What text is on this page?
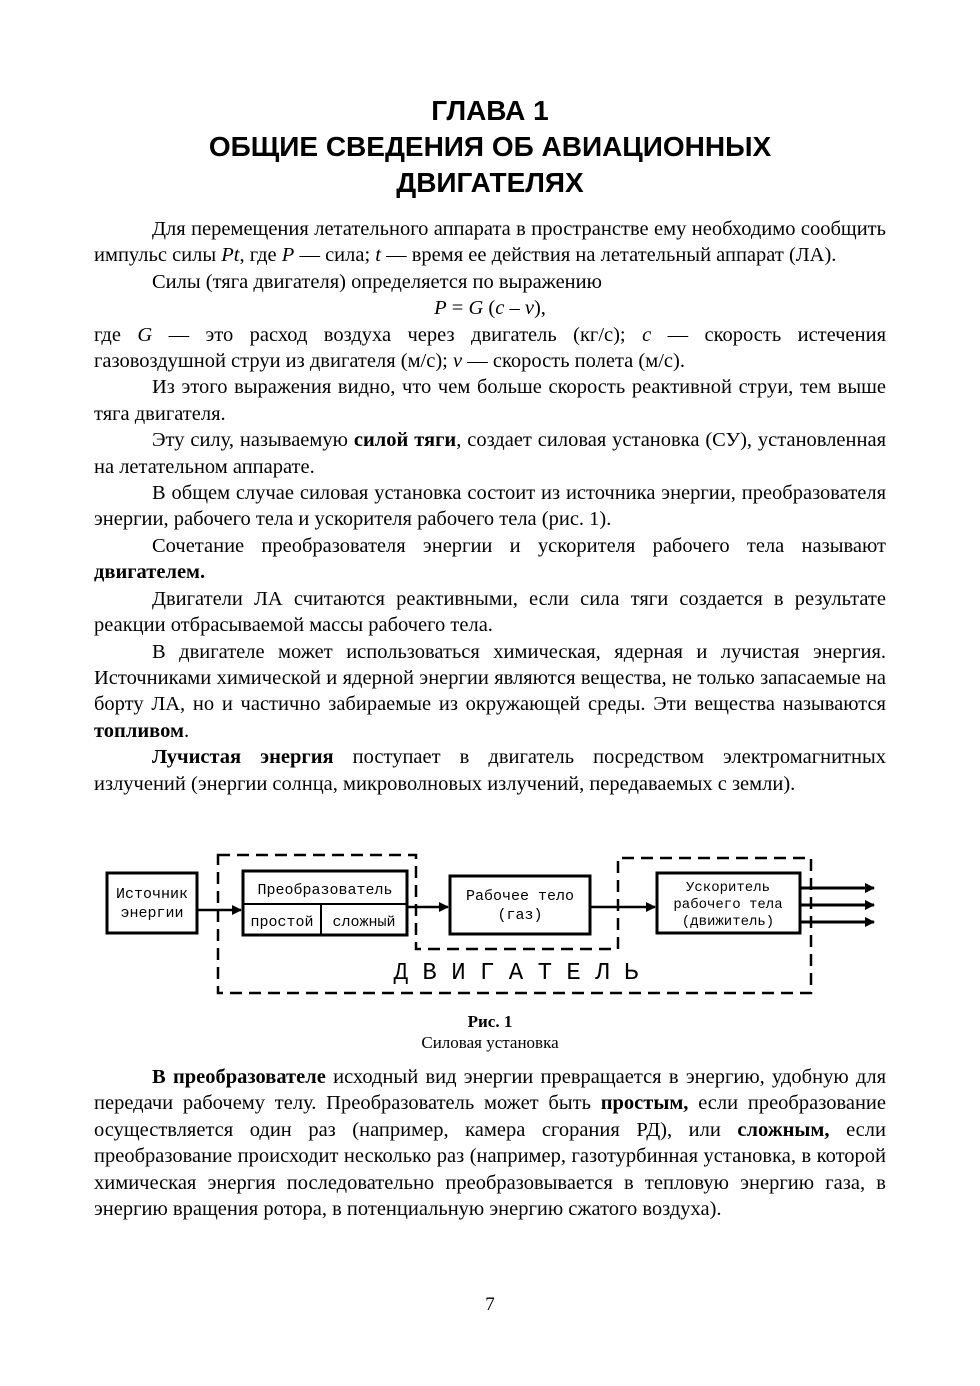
ГЛАВА 1
ОБЩИЕ СВЕДЕНИЯ ОБ АВИАЦИОННЫХ
ДВИГАТЕЛЯХ

Для перемещения летательного аппарата в пространстве ему необходимо сообщить импульс силы Pt, где P — сила; t — время ее действия на летательный аппарат (ЛА).

Силы (тяга двигателя) определяется по выражению

P = G (c – v),

где G — это расход воздуха через двигатель (кг/с); c — скорость истечения газовоздушной струи из двигателя (м/с); v — скорость полета (м/с).

Из этого выражения видно, что чем больше скорость реактивной струи, тем выше тяга двигателя.

Эту силу, называемую силой тяги, создает силовая установка (СУ), установленная на летательном аппарате.

В общем случае силовая установка состоит из источника энергии, преобразователя энергии, рабочего тела и ускорителя рабочего тела (рис. 1).

Сочетание преобразователя энергии и ускорителя рабочего тела называют двигателем.

Двигатели ЛА считаются реактивными, если сила тяги создается в результате реакции отбрасываемой массы рабочего тела.

В двигателе может использоваться химическая, ядерная и лучистая энергия. Источниками химической и ядерной энергии являются вещества, не только запасаемые на борту ЛА, но и частично забираемые из окружающей среды. Эти вещества называются топливом.

Лучистая энергия поступает в двигатель посредством электромагнитных излучений (энергии солнца, микроволновых излучений, передаваемых с земли).

Источник
энергии
Преобразователь
простой сложный
Рабочее тело
(газ)
Ускоритель
рабочего тела
(движитель)
Д В И Г А Т Е Л Ь
Рис. 1
Силовая установка

В преобразователе исходный вид энергии превращается в энергию, удобную для передачи рабочему телу. Преобразователь может быть простым, если преобразование осуществляется один раз (например, камера сгорания РД), или сложным, если преобразование происходит несколько раз (например, газотурбинная установка, в которой химическая энергия последовательно преобразовывается в тепловую энергию газа, в энергию вращения ротора, в потенциальную энергию сжатого воздуха).

7
